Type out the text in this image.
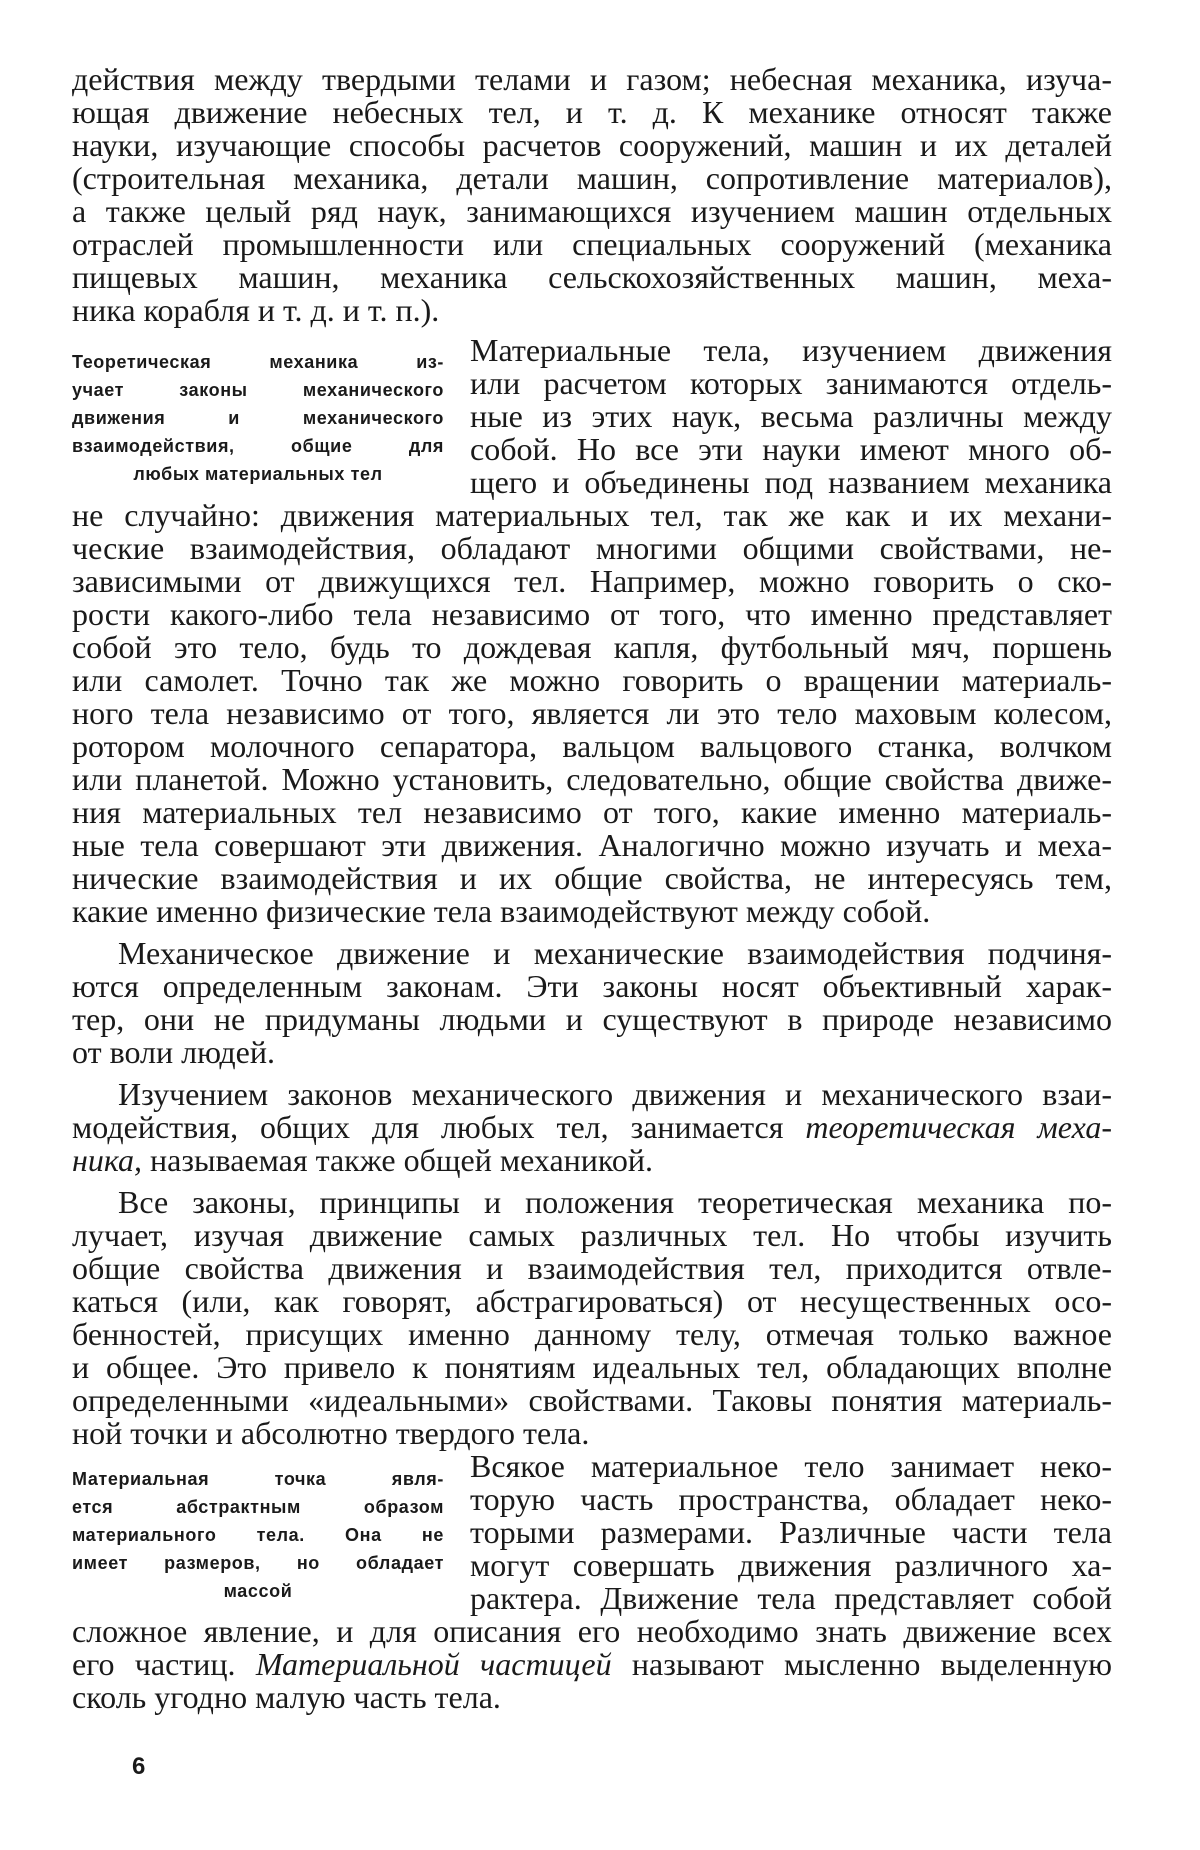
действия между твердыми телами и газом; небесная механика, изуча-
ющая движение небесных тел, и т. д. К механике относят также
науки, изучающие способы расчетов сооружений, машин и их деталей
(строительная механика, детали машин, сопротивление материалов),
а также целый ряд наук, занимающихся изучением машин отдельных
отраслей промышленности или специальных сооружений (механика
пищевых машин, механика сельскохозяйственных машин, меха-
ника корабля и т. д. и т. п.).
Теоретическая механика из-
учает законы механического
движения и механического
взаимодействия, общие для
любых материальных тел
Материальные тела, изучением движения
или расчетом которых занимаются отдель-
ные из этих наук, весьма различны между
собой. Но все эти науки имеют много об-
щего и объединены под названием механика
не случайно: движения материальных тел, так же как и их механи-
ческие взаимодействия, обладают многими общими свойствами, не-
зависимыми от движущихся тел. Например, можно говорить о ско-
рости какого-либо тела независимо от того, что именно представляет
собой это тело, будь то дождевая капля, футбольный мяч, поршень
или самолет. Точно так же можно говорить о вращении материаль-
ного тела независимо от того, является ли это тело маховым колесом,
ротором молочного сепаратора, вальцом вальцового станка, волчком
или планетой. Можно установить, следовательно, общие свойства движе-
ния материальных тел независимо от того, какие именно материаль-
ные тела совершают эти движения. Аналогично можно изучать и меха-
нические взаимодействия и их общие свойства, не интересуясь тем,
какие именно физические тела взаимодействуют между собой.
Механическое движение и механические взаимодействия подчиня-
ются определенным законам. Эти законы носят объективный харак-
тер, они не придуманы людьми и существуют в природе независимо
от воли людей.
Изучением законов механического движения и механического взаи-
модействия, общих для любых тел, занимается теоретическая меха-
ника, называемая также общей механикой.
Все законы, принципы и положения теоретическая механика по-
лучает, изучая движение самых различных тел. Но чтобы изучить
общие свойства движения и взаимодействия тел, приходится отвле-
каться (или, как говорят, абстрагироваться) от несущественных осо-
бенностей, присущих именно данному телу, отмечая только важное
и общее. Это привело к понятиям идеальных тел, обладающих вполне
определенными «идеальными» свойствами. Таковы понятия материаль-
ной точки и абсолютно твердого тела.
Материальная точка явля-
ется абстрактным образом
материального тела. Она не
имеет размеров, но обладает
массой
Всякое материальное тело занимает неко-
торую часть пространства, обладает неко-
торыми размерами. Различные части тела
могут совершать движения различного ха-
рактера. Движение тела представляет собой
сложное явление, и для описания его необходимо знать движение всех
его частиц. Материальной частицей называют мысленно выделенную
сколь угодно малую часть тела.
6
